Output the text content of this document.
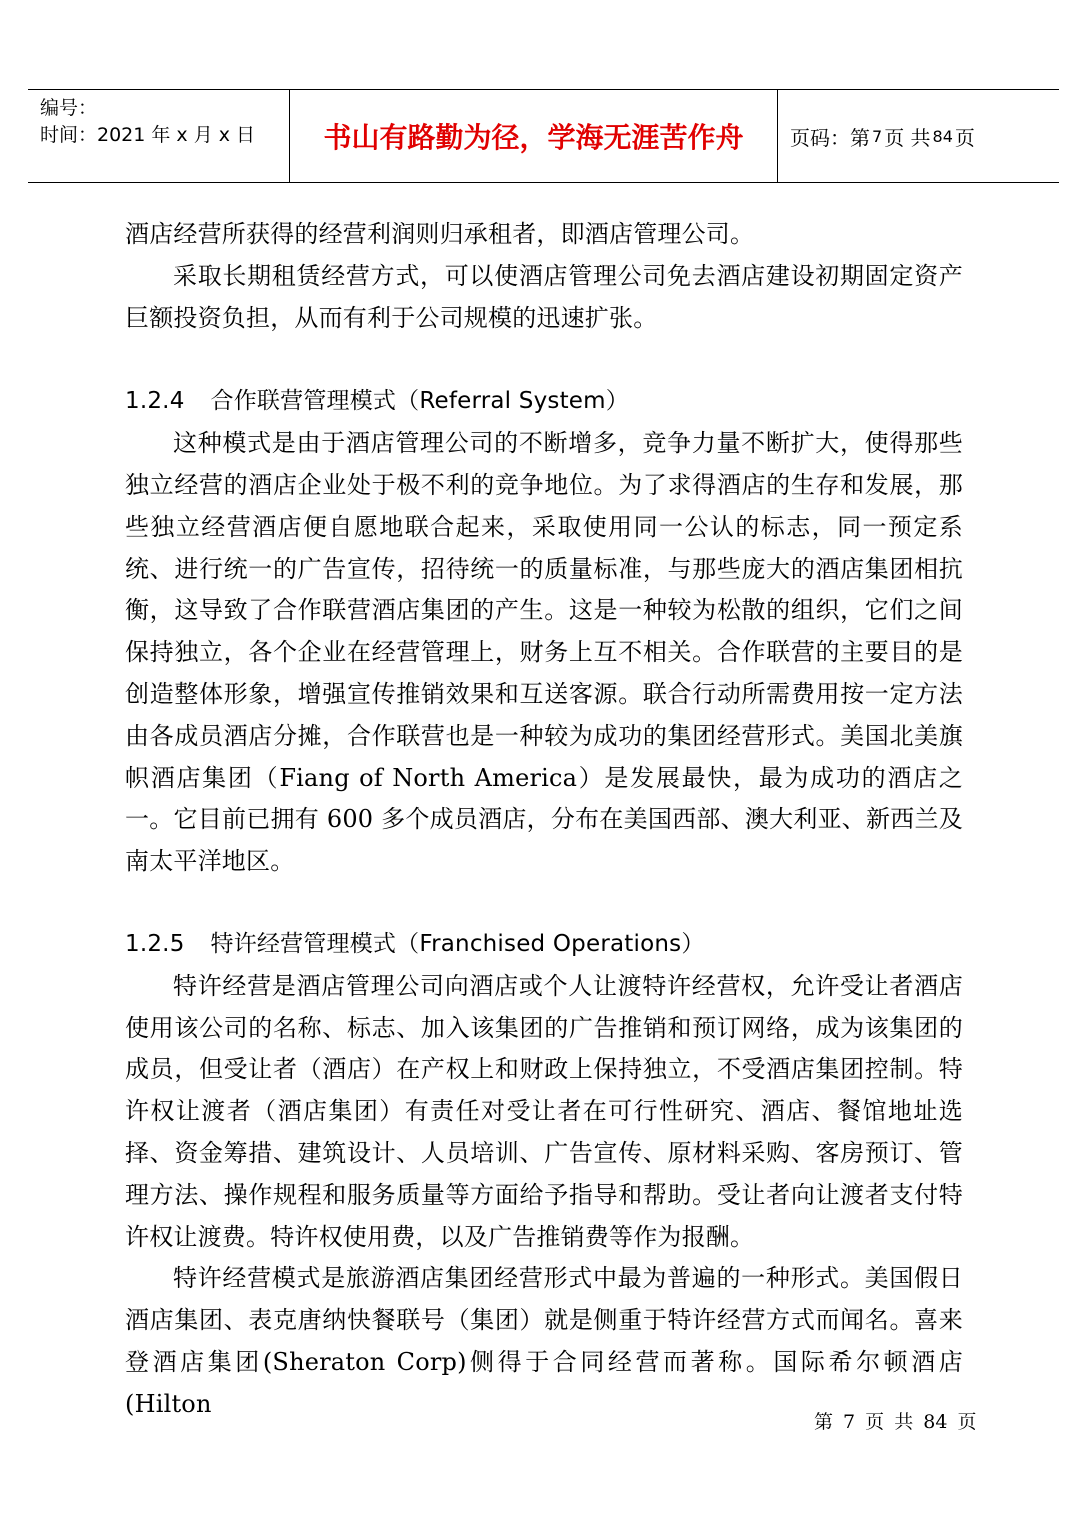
编号：
时间：2021 年 x 月 x 日	书山有路勤为径，学海无涯苦作舟	页码：第 7 页 共 84 页

酒店经营所获得的经营利润则归承租者，即酒店管理公司。

采取长期租赁经营方式，可以使酒店管理公司免去酒店建设初期固定资产巨额投资负担，从而有利于公司规模的迅速扩张。

1.2.4 合作联营管理模式（Referral System）

这种模式是由于酒店管理公司的不断增多，竞争力量不断扩大，使得那些独立经营的酒店企业处于极不利的竞争地位。为了求得酒店的生存和发展，那些独立经营酒店便自愿地联合起来，采取使用同一公认的标志，同一预定系统、进行统一的广告宣传，招待统一的质量标准，与那些庞大的酒店集团相抗衡，这导致了合作联营酒店集团的产生。这是一种较为松散的组织，它们之间保持独立，各个企业在经营管理上，财务上互不相关。合作联营的主要目的是创造整体形象，增强宣传推销效果和互送客源。联合行动所需费用按一定方法由各成员酒店分摊，合作联营也是一种较为成功的集团经营形式。美国北美旗帜酒店集团（Fiang of North America）是发展最快，最为成功的酒店之一。它目前已拥有 600 多个成员酒店，分布在美国西部、澳大利亚、新西兰及南太平洋地区。

1.2.5 特许经营管理模式（Franchised Operations）

特许经营是酒店管理公司向酒店或个人让渡特许经营权，允许受让者酒店使用该公司的名称、标志、加入该集团的广告推销和预订网络，成为该集团的成员，但受让者（酒店）在产权上和财政上保持独立，不受酒店集团控制。特许权让渡者（酒店集团）有责任对受让者在可行性研究、酒店、餐馆地址选择、资金筹措、建筑设计、人员培训、广告宣传、原材料采购、客房预订、管理方法、操作规程和服务质量等方面给予指导和帮助。受让者向让渡者支付特许权让渡费。特许权使用费，以及广告推销费等作为报酬。

特许经营模式是旅游酒店集团经营形式中最为普遍的一种形式。美国假日酒店集团、表克唐纳快餐联号（集团）就是侧重于特许经营方式而闻名。喜来登酒店集团(Sheraton Corp)侧得于合同经营而著称。国际希尔顿酒店(Hilton

第 7 页 共 84 页
